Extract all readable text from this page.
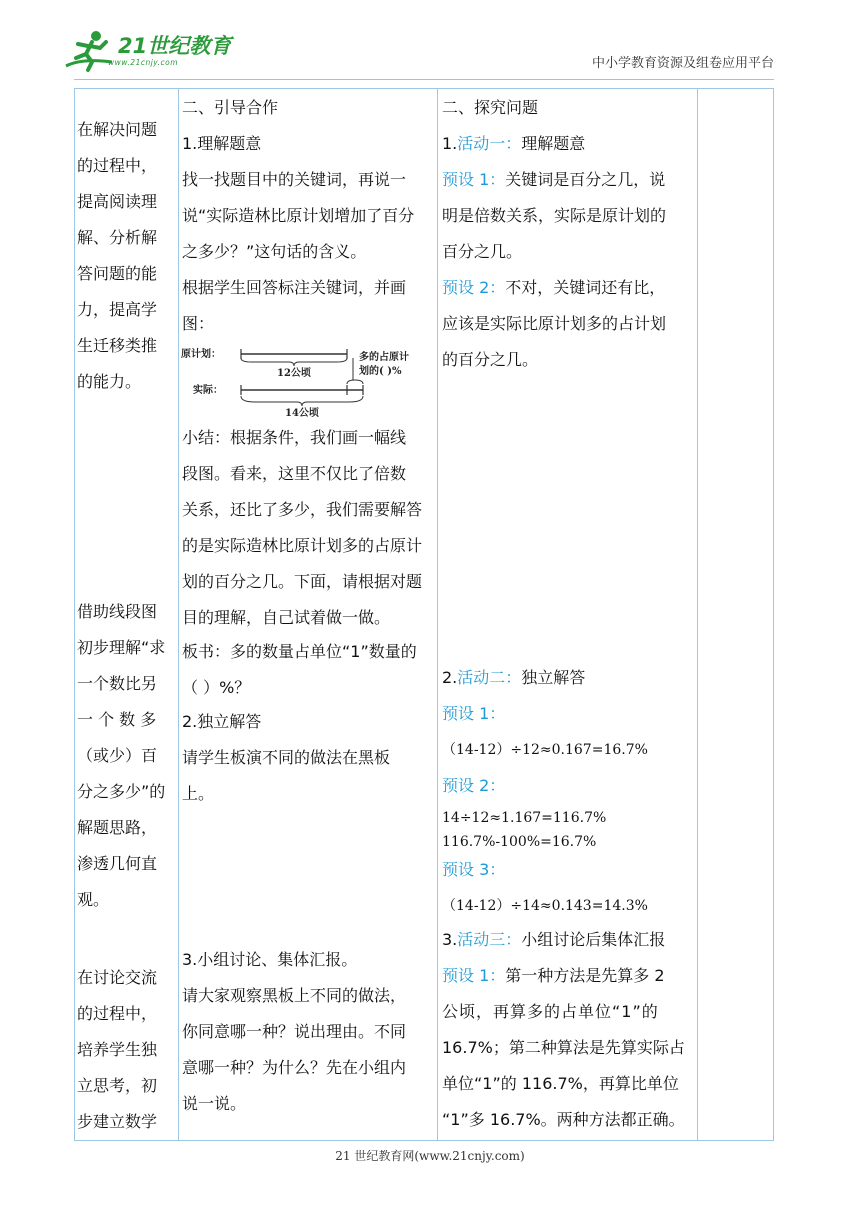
21世纪教育
www.21cnjy.com	中小学教育资源及组卷应用平台
在解决问题
的过程中，
提高阅读理
解、分析解
答问题的能
力，提高学
生迁移类推
的能力。
借助线段图
初步理解“求
一个数比另
一 个 数 多
（或少）百
分之多少”的
解题思路，
渗透几何直
观。
在讨论交流
的过程中，
培养学生独
立思考，初
步建立数学
二、引导合作
1.理解题意
找一找题目中的关键词，再说一
说“实际造林比原计划增加了百分
之多少？”这句话的含义。
根据学生回答标注关键词，并画
图：
原计划：
实际：
12公顷
14公顷
多的占原计
划的( )%
小结：根据条件，我们画一幅线
段图。看来，这里不仅比了倍数
关系，还比了多少，我们需要解答
的是实际造林比原计划多的占原计
划的百分之几。下面，请根据对题
目的理解，自己试着做一做。
板书：多的数量占单位“1”数量的
（ ）%？
2.独立解答
请学生板演不同的做法在黑板
上。
3.小组讨论、集体汇报。
请大家观察黑板上不同的做法，
你同意哪一种？说出理由。不同
意哪一种？为什么？先在小组内
说一说。
二、探究问题
1.活动一：理解题意
预设 1：关键词是百分之几，说
明是倍数关系，实际是原计划的
百分之几。
预设 2：不对，关键词还有比，
应该是实际比原计划多的占计划
的百分之几。
2.活动二：独立解答
预设 1：
（14-12）÷12≈0.167=16.7%
预设 2：
14÷12≈1.167=116.7%
116.7%-100%=16.7%
预设 3：
（14-12）÷14≈0.143=14.3%
3.活动三：小组讨论后集体汇报
预设 1：第一种方法是先算多 2
公顷，再算多的占单位“1”的
16.7%；第二种算法是先算实际占
单位“1”的 116.7%，再算比单位
“1”多 16.7%。两种方法都正确。
21 世纪教育网(www.21cnjy.com)
